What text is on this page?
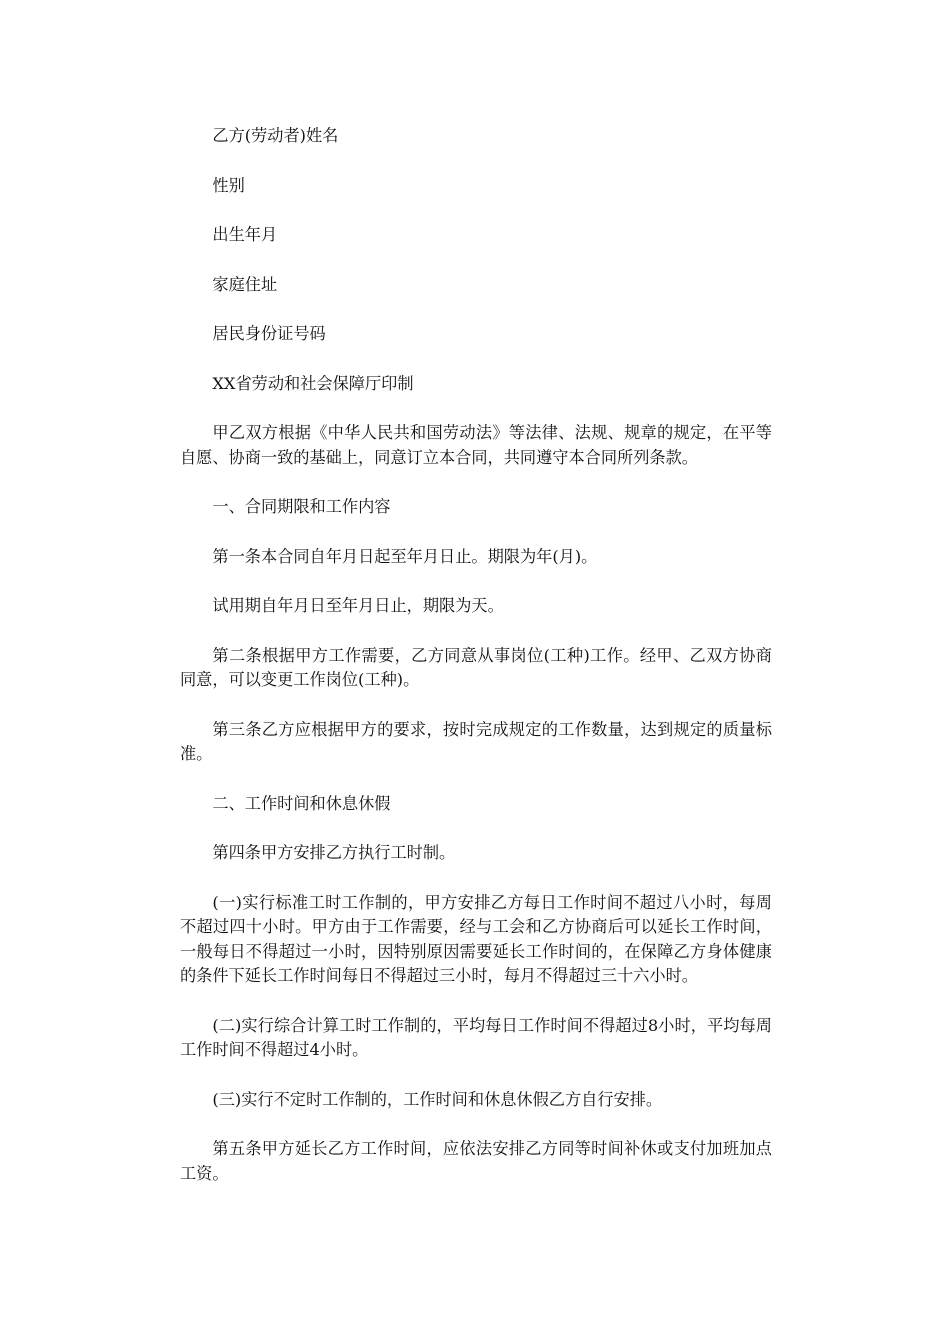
乙方(劳动者)姓名

性别

出生年月

家庭住址

居民身份证号码

XX省劳动和社会保障厅印制

甲乙双方根据《中华人民共和国劳动法》等法律、法规、规章的规定，在平等自愿、协商一致的基础上，同意订立本合同，共同遵守本合同所列条款。

一、合同期限和工作内容

第一条本合同自年月日起至年月日止。期限为年(月)。

试用期自年月日至年月日止，期限为天。

第二条根据甲方工作需要，乙方同意从事岗位(工种)工作。经甲、乙双方协商同意，可以变更工作岗位(工种)。

第三条乙方应根据甲方的要求，按时完成规定的工作数量，达到规定的质量标准。

二、工作时间和休息休假

第四条甲方安排乙方执行工时制。

(一)实行标准工时工作制的，甲方安排乙方每日工作时间不超过八小时，每周不超过四十小时。甲方由于工作需要，经与工会和乙方协商后可以延长工作时间，一般每日不得超过一小时，因特别原因需要延长工作时间的，在保障乙方身体健康的条件下延长工作时间每日不得超过三小时，每月不得超过三十六小时。

(二)实行综合计算工时工作制的，平均每日工作时间不得超过8小时，平均每周工作时间不得超过4小时。

(三)实行不定时工作制的，工作时间和休息休假乙方自行安排。

第五条甲方延长乙方工作时间，应依法安排乙方同等时间补休或支付加班加点工资。
